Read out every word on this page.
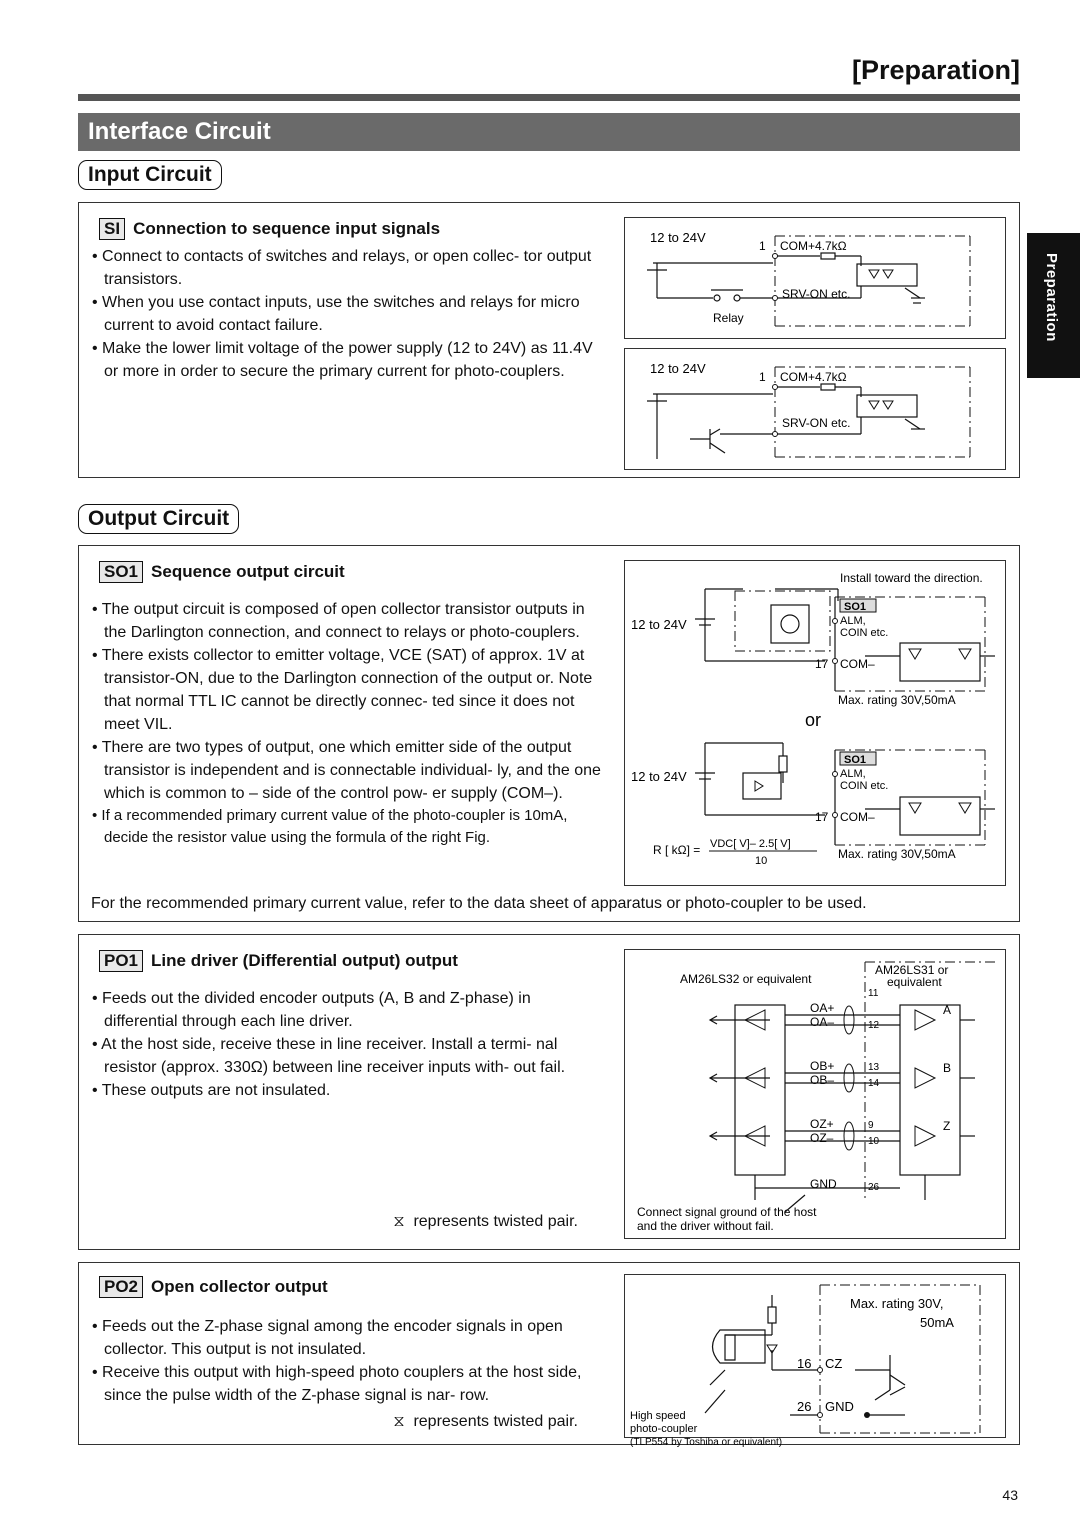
[Preparation]
Interface Circuit
Preparation
Input Circuit
SI Connection to sequence input signals
• Connect to contacts of switches and relays, or open collec- tor output transistors.
• When you use contact inputs, use the switches and relays for micro current to avoid contact failure.
• Make the lower limit voltage of the power supply (12 to 24V) as 11.4V or more in order to secure the primary current for photo-couplers.
12 to 24V
1 COM+4.7kΩ
SRV-ON etc.
Relay
12 to 24V
1 COM+4.7kΩ
SRV-ON etc.
Output Circuit
SO1 Sequence output circuit
• The output circuit is composed of open collector transistor outputs in the Darlington connection, and connect to relays or photo-couplers.
• There exists collector to emitter voltage, VCE (SAT) of approx. 1V at transistor-ON, due to the Darlington connection of the output or. Note that normal TTL IC cannot be directly connec- ted since it does not meet VIL.
• There are two types of output, one which emitter side of the output transistor is independent and is connectable individual- ly, and the one which is common to – side of the control pow- er supply (COM–).
• If a recommended primary current value of the photo-coupler is 10mA, decide the resistor value using the formula of the right Fig.
For the recommended primary current value, refer to the data sheet of apparatus or photo-coupler to be used.
Install toward the direction.
12 to 24V
12 to 24V
SO1
ALM,
COIN etc.
17 COM–
Max. rating 30V,50mA
or
SO1
ALM,
COIN etc.
17 COM–
Max. rating 30V,50mA
R [ kΩ] = VDC[ V]– 2.5[ V]
10
PO1 Line driver (Differential output) output
• Feeds out the divided encoder outputs (A, B and Z-phase) in differential through each line driver.
• At the host side, receive these in line receiver. Install a termi- nal resistor (approx. 330Ω) between line receiver inputs with- out fail.
• These outputs are not insulated.
⧖ represents twisted pair.
AM26LS32 or equivalent
AM26LS31 or
equivalent
OA+
OA–
OB+
OB–
OZ+
OZ–
GND
11
12
13
14
9
10
26
A
B
Z
Connect signal ground of the host
and the driver without fail.
PO2 Open collector output
• Feeds out the Z-phase signal among the encoder signals in open collector. This output is not insulated.
• Receive this output with high-speed photo couplers at the host side, since the pulse width of the Z-phase signal is nar- row.
⧖ represents twisted pair.
Max. rating 30V,
50mA
16 CZ
26 GND
High speed
photo-coupler
(TLP554 by Toshiba or equivalent)
43
